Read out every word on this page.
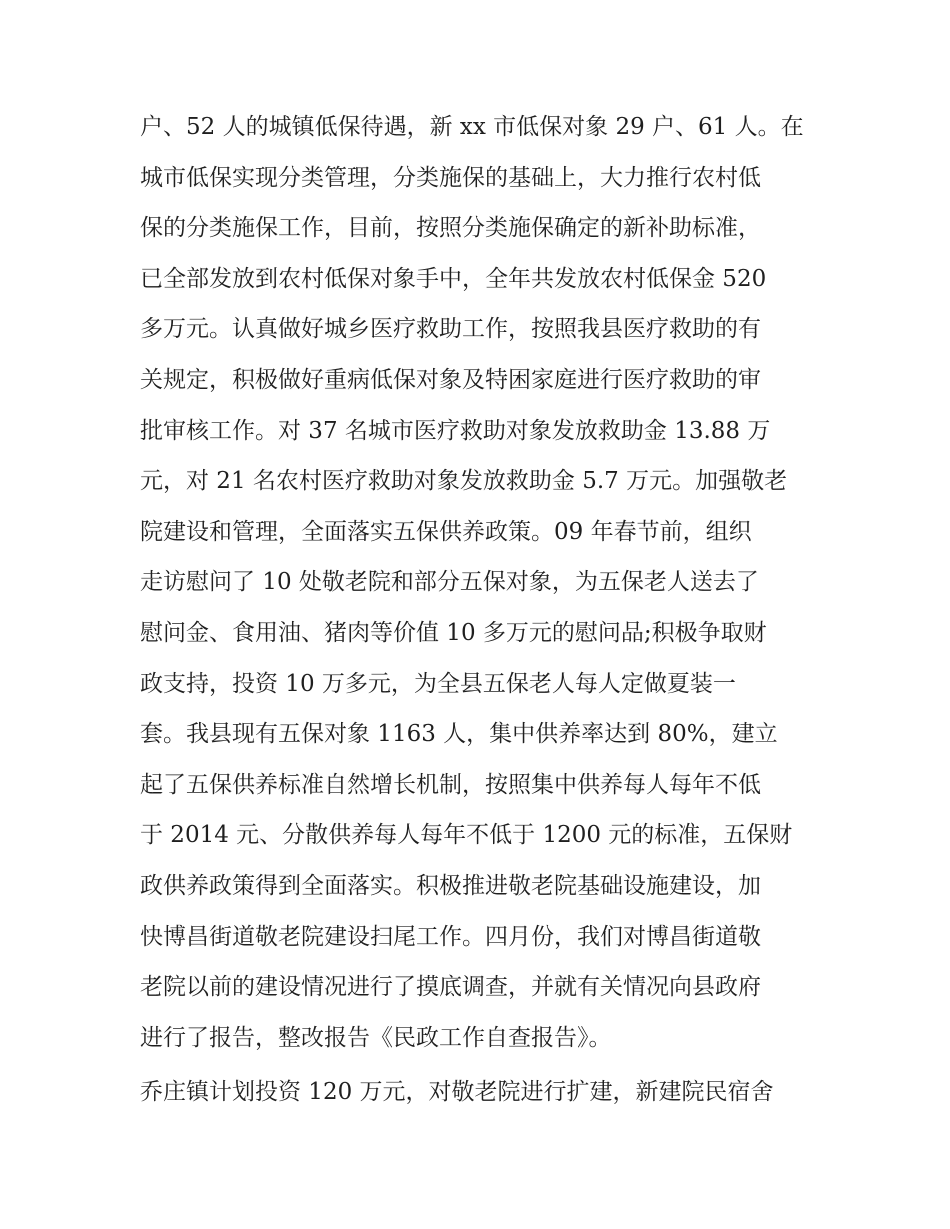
户、52 人的城镇低保待遇，新 xx 市低保对象 29 户、61 人。在
城市低保实现分类管理，分类施保的基础上，大力推行农村低
保的分类施保工作，目前，按照分类施保确定的新补助标准，
已全部发放到农村低保对象手中，全年共发放农村低保金 520
多万元。认真做好城乡医疗救助工作，按照我县医疗救助的有
关规定，积极做好重病低保对象及特困家庭进行医疗救助的审
批审核工作。对 37 名城市医疗救助对象发放救助金 13.88 万
元，对 21 名农村医疗救助对象发放救助金 5.7 万元。加强敬老
院建设和管理，全面落实五保供养政策。09 年春节前，组织
走访慰问了 10 处敬老院和部分五保对象，为五保老人送去了
慰问金、食用油、猪肉等价值 10 多万元的慰问品;积极争取财
政支持，投资 10 万多元，为全县五保老人每人定做夏装一
套。我县现有五保对象 1163 人，集中供养率达到 80%，建立
起了五保供养标准自然增长机制，按照集中供养每人每年不低
于 2014 元、分散供养每人每年不低于 1200 元的标准，五保财
政供养政策得到全面落实。积极推进敬老院基础设施建设，加
快博昌街道敬老院建设扫尾工作。四月份，我们对博昌街道敬
老院以前的建设情况进行了摸底调查，并就有关情况向县政府
进行了报告，整改报告《民政工作自查报告》。
乔庄镇计划投资 120 万元，对敬老院进行扩建，新建院民宿舍
